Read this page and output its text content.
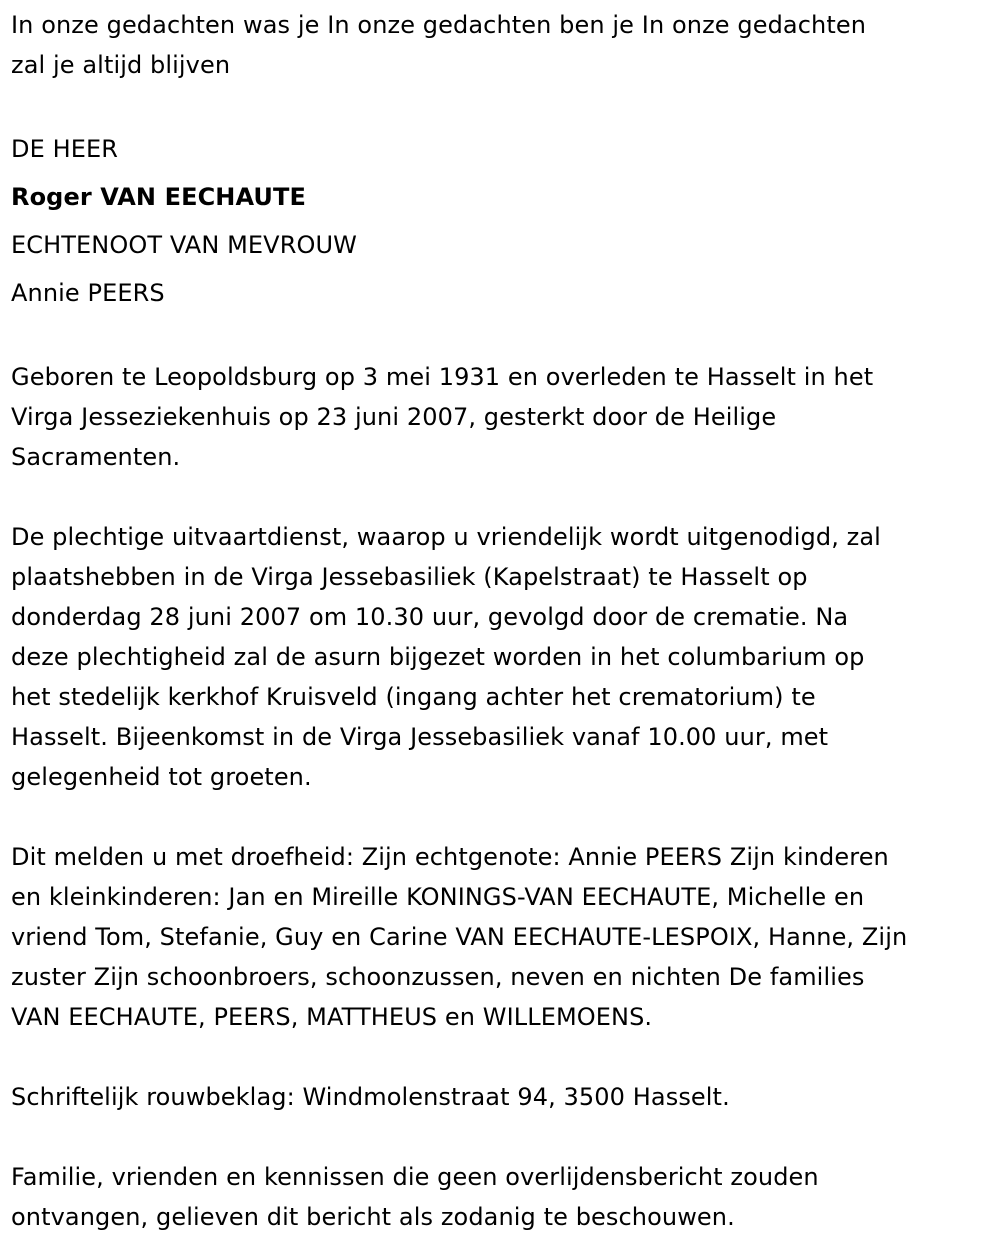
In onze gedachten was je In onze gedachten ben je In onze gedachten
zal je altijd blijven
DE HEER
Roger VAN EECHAUTE
ECHTENOOT VAN MEVROUW
Annie PEERS
Geboren te Leopoldsburg op 3 mei 1931 en overleden te Hasselt in het
Virga Jesseziekenhuis op 23 juni 2007, gesterkt door de Heilige
Sacramenten.
De plechtige uitvaartdienst, waarop u vriendelijk wordt uitgenodigd, zal
plaatshebben in de Virga Jessebasiliek (Kapelstraat) te Hasselt op
donderdag 28 juni 2007 om 10.30 uur, gevolgd door de crematie. Na
deze plechtigheid zal de asurn bijgezet worden in het columbarium op
het stedelijk kerkhof Kruisveld (ingang achter het crematorium) te
Hasselt. Bijeenkomst in de Virga Jessebasiliek vanaf 10.00 uur, met
gelegenheid tot groeten.
Dit melden u met droefheid: Zijn echtgenote: Annie PEERS Zijn kinderen
en kleinkinderen: Jan en Mireille KONINGS-VAN EECHAUTE, Michelle en
vriend Tom, Stefanie, Guy en Carine VAN EECHAUTE-LESPOIX, Hanne, Zijn
zuster Zijn schoonbroers, schoonzussen, neven en nichten De families
VAN EECHAUTE, PEERS, MATTHEUS en WILLEMOENS.
Schriftelijk rouwbeklag: Windmolenstraat 94, 3500 Hasselt.
Familie, vrienden en kennissen die geen overlijdensbericht zouden
ontvangen, gelieven dit bericht als zodanig te beschouwen.
